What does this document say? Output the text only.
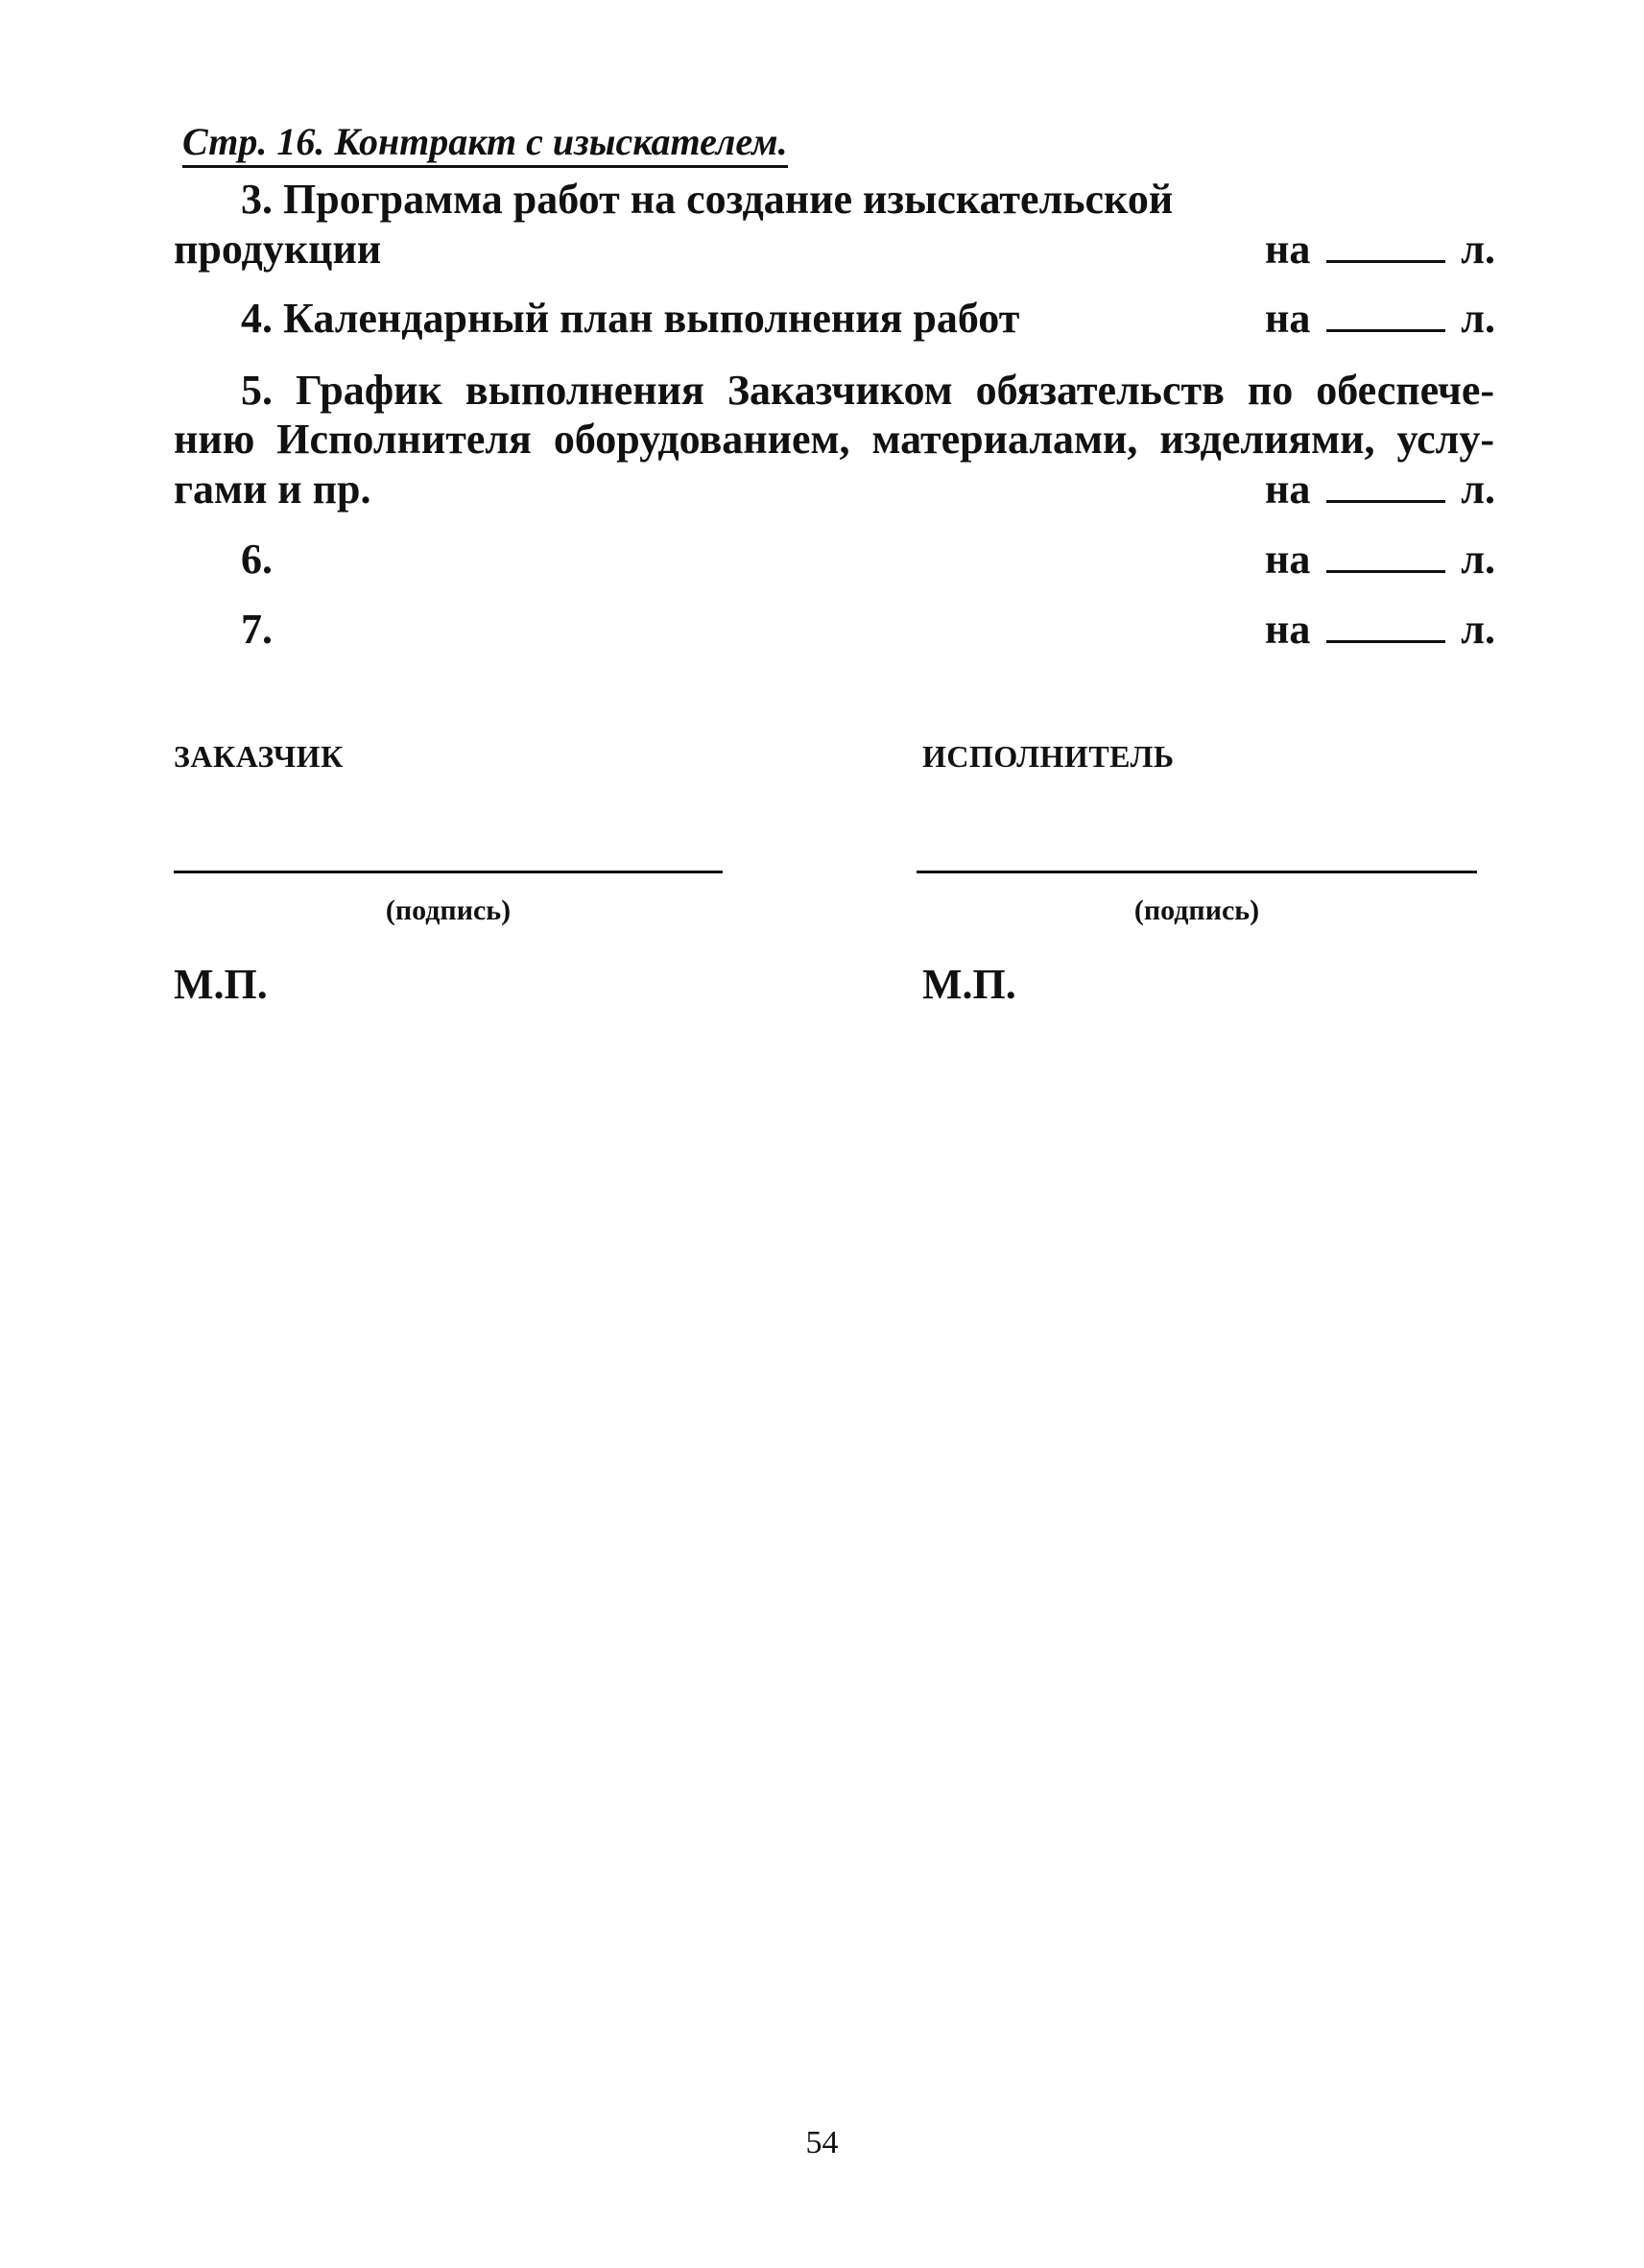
Стр. 16. Контракт с изыскателем.
3. Программа работ на создание изыскательской
продукции	на	л.
4. Календарный план выполнения работ	на	л.
5. График выполнения Заказчиком обязательств по обеспече-
нию Исполнителя оборудованием, материалами, изделиями, услу-
гами и пр.	на	л.
6.	на	л.
7.	на	л.
ЗАКАЗЧИК
(подпись)
М.П.
ИСПОЛНИТЕЛЬ
(подпись)
М.П.
54
